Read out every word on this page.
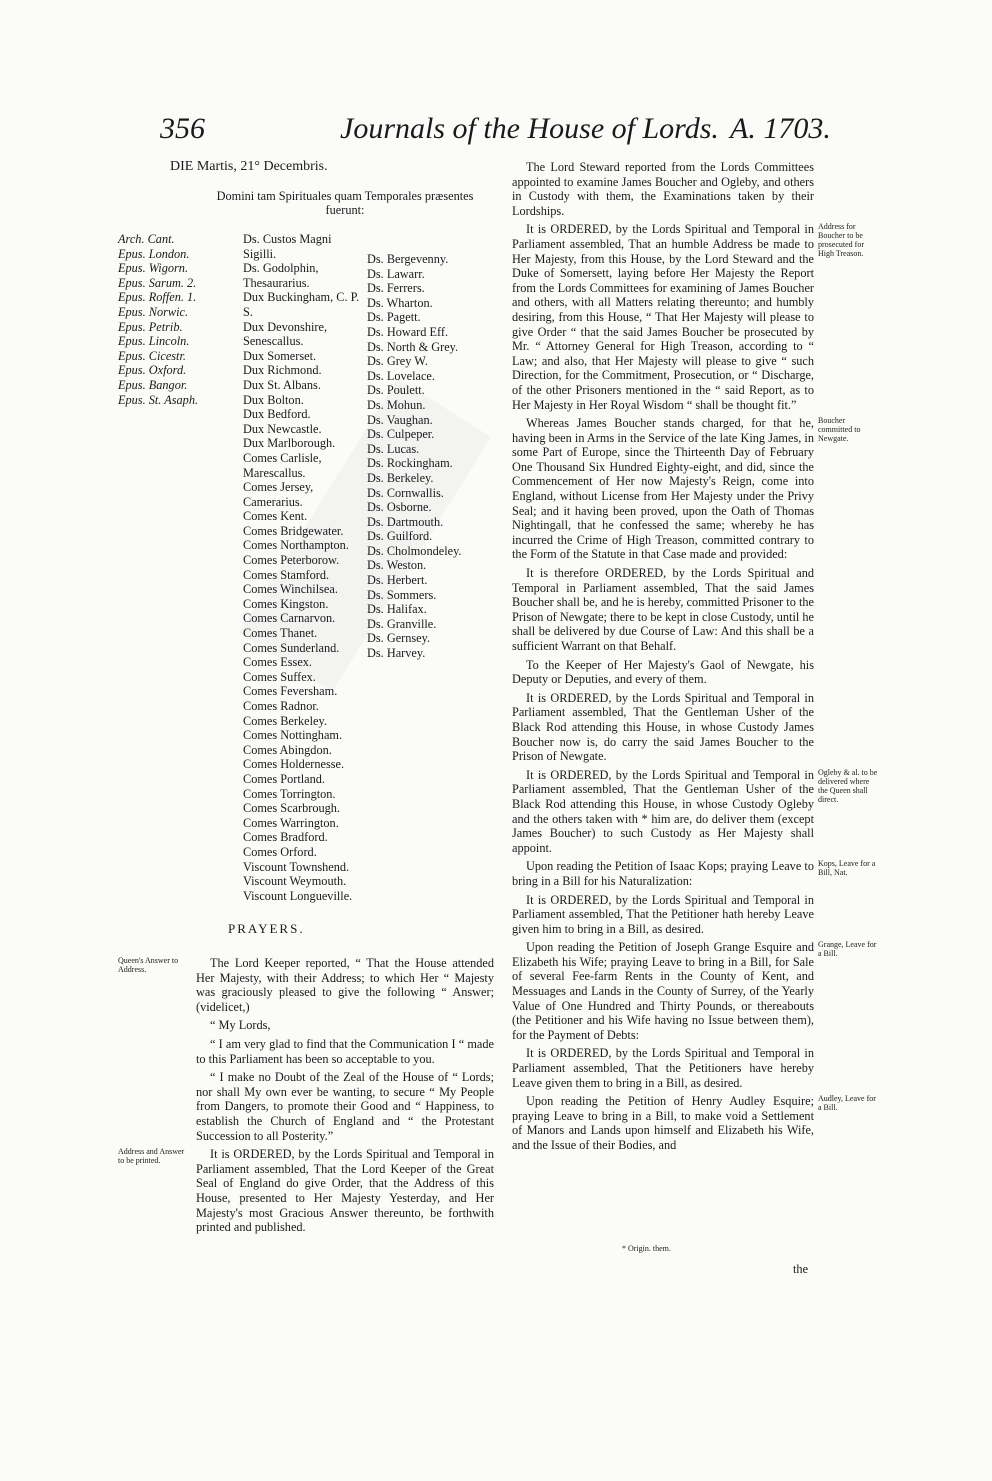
356	Journals of the House of Lords. A. 1703.
DIE Martis, 21° Decembris.
Domini tam Spirituales quam Temporales præsentes fuerunt:
Arch. Cant.
Epus. London.
Epus. Wigorn.
Epus. Sarum. 2.
Epus. Roffen. 1.
Epus. Norwic.
Epus. Petrib.
Epus. Lincoln.
Epus. Cicestr.
Epus. Oxford.
Epus. Bangor.
Epus. St. Asaph.
Ds. Custos Magni Sigilli.
Ds. Godolphin, Thesaurarius.
Dux Buckingham, C. P. S.
Dux Devonshire, Senescallus.
Dux Somerset.
Dux Richmond.
Dux St. Albans.
Dux Bolton.
Dux Bedford.
Dux Newcastle.
Dux Marlborough.
Comes Carlisle, Marescallus.
Comes Jersey, Camerarius.
Comes Kent.
Comes Bridgewater.
Comes Northampton.
Comes Peterborow.
Comes Stamford.
Comes Winchilsea.
Comes Kingston.
Comes Carnarvon.
Comes Thanet.
Comes Sunderland.
Comes Essex.
Comes Suffex.
Comes Feversham.
Comes Radnor.
Comes Berkeley.
Comes Nottingham.
Comes Abingdon.
Comes Holdernesse.
Comes Portland.
Comes Torrington.
Comes Scarbrough.
Comes Warrington.
Comes Bradford.
Comes Orford.
Viscount Townshend.
Viscount Weymouth.
Viscount Longueville.
Ds. Bergevenny.
Ds. Lawarr.
Ds. Ferrers.
Ds. Wharton.
Ds. Pagett.
Ds. Howard Eff.
Ds. North & Grey.
Ds. Grey W.
Ds. Lovelace.
Ds. Poulett.
Ds. Mohun.
Ds. Vaughan.
Ds. Culpeper.
Ds. Lucas.
Ds. Rockingham.
Ds. Berkeley.
Ds. Cornwallis.
Ds. Osborne.
Ds. Dartmouth.
Ds. Guilford.
Ds. Cholmondeley.
Ds. Weston.
Ds. Herbert.
Ds. Sommers.
Ds. Halifax.
Ds. Granville.
Ds. Gernsey.
Ds. Harvey.
PRAYERS.

The Lord Keeper reported, “ That the House attended Her Majesty, with their Address; to which Her “ Majesty was graciously pleased to give the following “ Answer; (videlicet,)

“ My Lords,

“ I am very glad to find that the Communication I “ made to this Parliament has been so acceptable to you.

“ I make no Doubt of the Zeal of the House of “ Lords; nor shall My own ever be wanting, to secure “ My People from Dangers, to promote their Good and “ Happiness, to establish the Church of England and “ the Protestant Succession to all Posterity.”

It is ORDERED, by the Lords Spiritual and Temporal in Parliament assembled, That the Lord Keeper of the Great Seal of England do give Order, that the Address of this House, presented to Her Majesty Yesterday, and Her Majesty's most Gracious Answer thereunto, be forthwith printed and published.

Queen's Answer to Address.
Address and Answer to be printed.

The Lord Steward reported from the Lords Committees appointed to examine James Boucher and Ogleby, and others in Custody with them, the Examinations taken by their Lordships.

It is ORDERED, by the Lords Spiritual and Temporal in Parliament assembled, That an humble Address be made to Her Majesty, from this House, by the Lord Steward and the Duke of Somersett, laying before Her Majesty the Report from the Lords Committees for examining of James Boucher and others, with all Matters relating thereunto; and humbly desiring, from this House, “ That Her Majesty will please to give Order “ that the said James Boucher be prosecuted by Mr. “ Attorney General for High Treason, according to “ Law; and also, that Her Majesty will please to give “ such Direction, for the Commitment, Prosecution, or “ Discharge, of the other Prisoners mentioned in the “ said Report, as to Her Majesty in Her Royal Wisdom “ shall be thought fit.”

Whereas James Boucher stands charged, for that he, having been in Arms in the Service of the late King James, in some Part of Europe, since the Thirteenth Day of February One Thousand Six Hundred Eighty-eight, and did, since the Commencement of Her now Majesty's Reign, come into England, without License from Her Majesty under the Privy Seal; and it having been proved, upon the Oath of Thomas Nightingall, that he confessed the same; whereby he has incurred the Crime of High Treason, committed contrary to the Form of the Statute in that Case made and provided:

It is therefore ORDERED, by the Lords Spiritual and Temporal in Parliament assembled, That the said James Boucher shall be, and he is hereby, committed Prisoner to the Prison of Newgate; there to be kept in close Custody, until he shall be delivered by due Course of Law: And this shall be a sufficient Warrant on that Behalf.

To the Keeper of Her Majesty's Gaol of Newgate, his Deputy or Deputies, and every of them.

It is ORDERED, by the Lords Spiritual and Temporal in Parliament assembled, That the Gentleman Usher of the Black Rod attending this House, in whose Custody James Boucher now is, do carry the said James Boucher to the Prison of Newgate.

It is ORDERED, by the Lords Spiritual and Temporal in Parliament assembled, That the Gentleman Usher of the Black Rod attending this House, in whose Custody Ogleby and the others taken with * him are, do deliver them (except James Boucher) to such Custody as Her Majesty shall appoint.

Upon reading the Petition of Isaac Kops; praying Leave to bring in a Bill for his Naturalization:

It is ORDERED, by the Lords Spiritual and Temporal in Parliament assembled, That the Petitioner hath hereby Leave given him to bring in a Bill, as desired.

Upon reading the Petition of Joseph Grange Esquire and Elizabeth his Wife; praying Leave to bring in a Bill, for Sale of several Fee-farm Rents in the County of Kent, and Messuages and Lands in the County of Surrey, of the Yearly Value of One Hundred and Thirty Pounds, or thereabouts (the Petitioner and his Wife having no Issue between them), for the Payment of Debts:

It is ORDERED, by the Lords Spiritual and Temporal in Parliament assembled, That the Petitioners have hereby Leave given them to bring in a Bill, as desired.

Upon reading the Petition of Henry Audley Esquire; praying Leave to bring in a Bill, to make void a Settlement of Manors and Lands upon himself and Elizabeth his Wife, and the Issue of their Bodies, and

Address for Boucher to be prosecuted for High Treason.
Boucher committed to Newgate.
Ogleby & al. to be delivered where the Queen shall direct.
Kops, Leave for a Bill, Nat.
Grange, Leave for a Bill.
Audley, Leave for a Bill.
* Origin. them.
the
